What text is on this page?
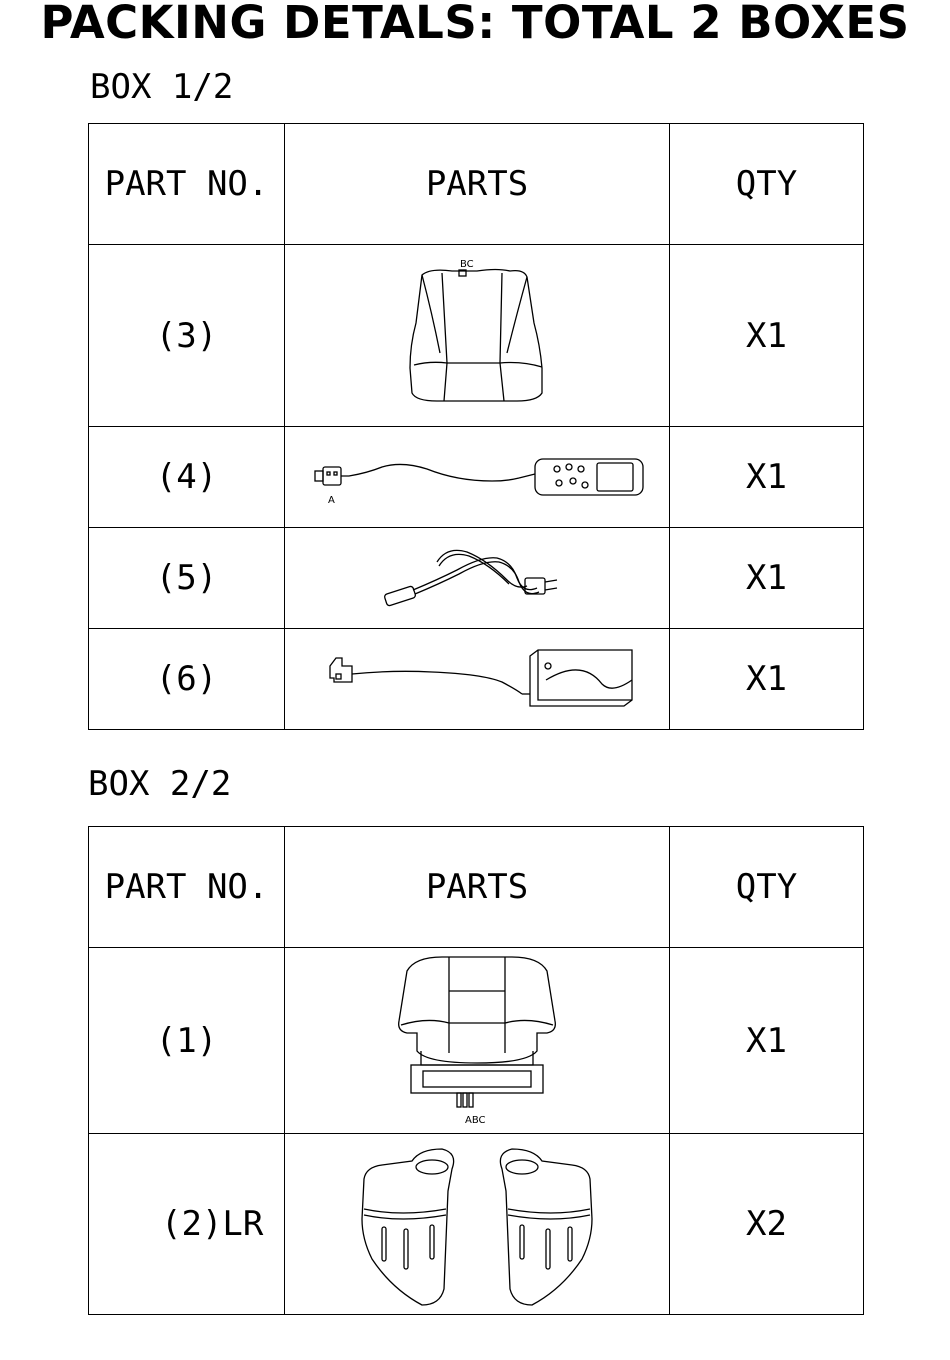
PACKING DETALS: TOTAL 2 BOXES
BOX 1/2
PART NO.	PARTS	QTY
(3)	BC	X1
(4)	A	X1
(5)		X1
(6)		X1
BOX 2/2
PART NO.	PARTS	QTY
(1)	ABC	X1
(2)LR		X2
